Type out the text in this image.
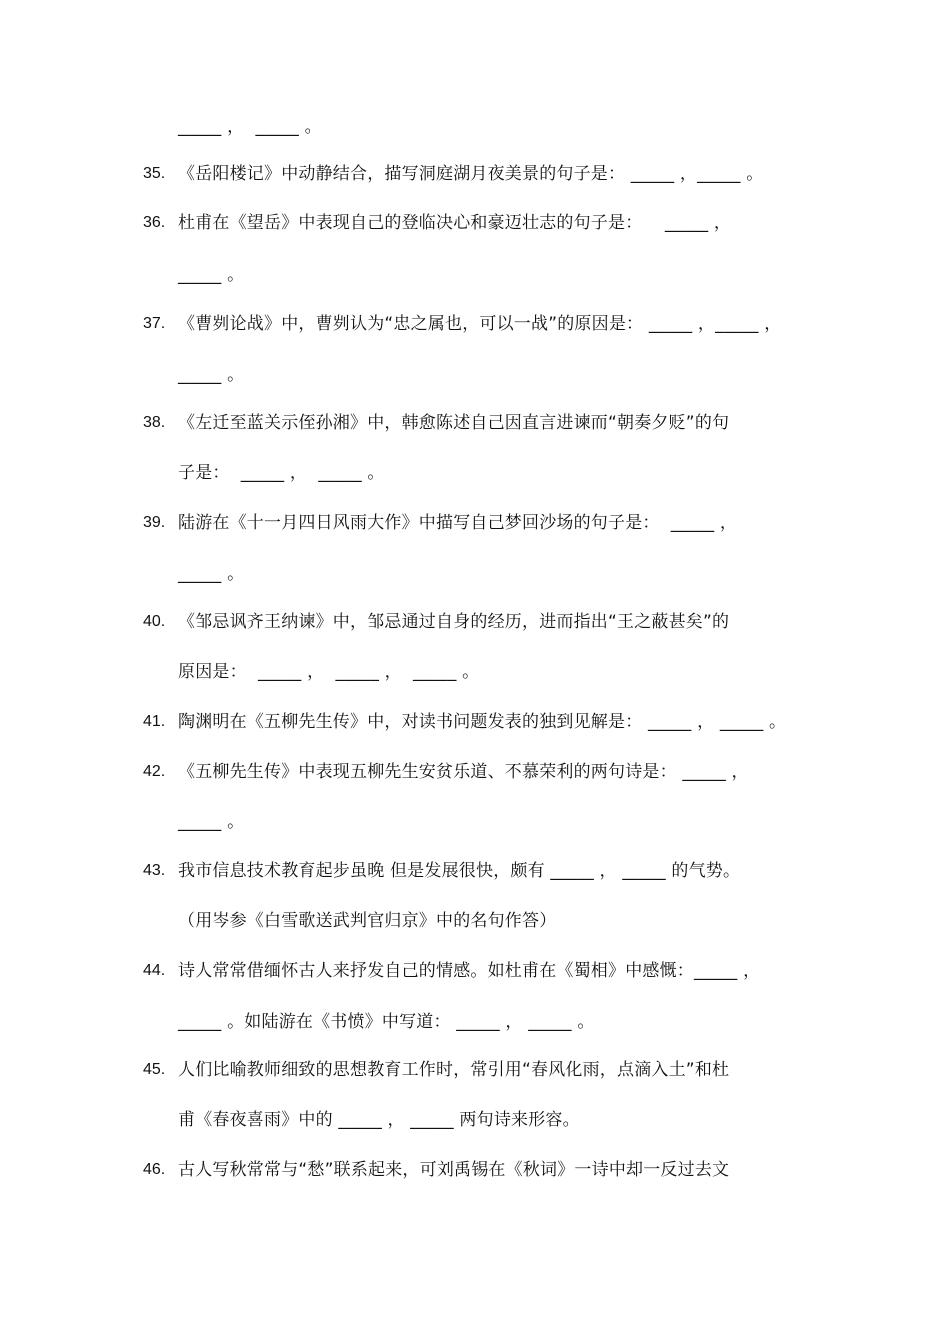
_____ ，  _____ 。
35. 《岳阳楼记》中动静结合，描写洞庭湖月夜美景的句子是： _____ ，_____ 。
36. 杜甫在《望岳》中表现自己的登临决心和豪迈壮志的句子是：    _____ ，
_____ 。
37. 《曹刿论战》中，曹刿认为“忠之属也，可以一战”的原因是： _____ ，_____ ，
_____ 。
38. 《左迁至蓝关示侄孙湘》中，韩愈陈述自己因直言进谏而“朝奏夕贬”的句
子是：  _____ ，  _____ 。
39. 陆游在《十一月四日风雨大作》中描写自己梦回沙场的句子是：  _____ ，
_____ 。
40. 《邹忌讽齐王纳谏》中，邹忌通过自身的经历，进而指出“王之蔽甚矣”的
原因是：  _____ ，  _____ ，  _____ 。
41. 陶渊明在《五柳先生传》中，对读书问题发表的独到见解是： _____ ， _____ 。
42. 《五柳先生传》中表现五柳先生安贫乐道、不慕荣利的两句诗是： _____ ，
_____ 。
43. 我市信息技术教育起步虽晚 但是发展很快，颇有 _____ ， _____ 的气势。
（用岑参《白雪歌送武判官归京》中的名句作答）
44. 诗人常常借缅怀古人来抒发自己的情感。如杜甫在《蜀相》中感慨：_____ ，
_____ 。如陆游在《书愤》中写道： _____ ， _____ 。
45. 人们比喻教师细致的思想教育工作时，常引用“春风化雨，点滴入土”和杜
甫《春夜喜雨》中的 _____ ， _____ 两句诗来形容。
46. 古人写秋常常与“愁”联系起来，可刘禹锡在《秋词》一诗中却一反过去文
